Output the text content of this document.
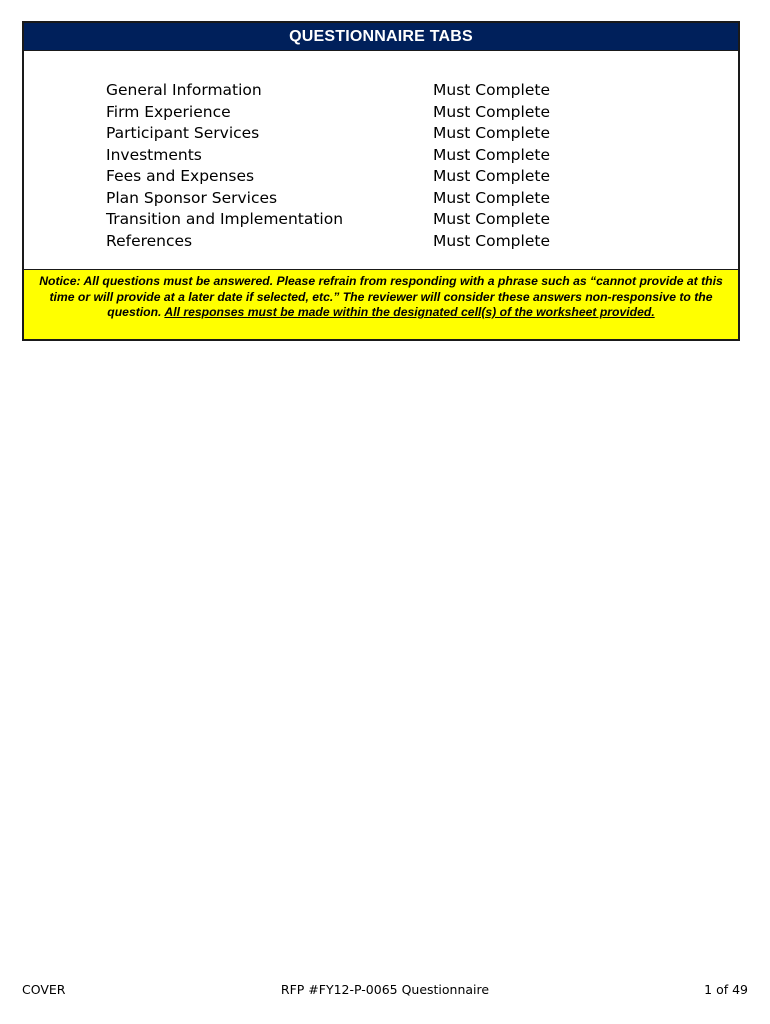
QUESTIONNAIRE TABS
General Information	Must Complete
Firm Experience	Must Complete
Participant Services	Must Complete
Investments	Must Complete
Fees and Expenses	Must Complete
Plan Sponsor Services	Must Complete
Transition and Implementation	Must Complete
References	Must Complete
Notice: All questions must be answered. Please refrain from responding with a phrase such as “cannot provide at this time or will provide at a later date if selected, etc.” The reviewer will consider these answers non-responsive to the question. All responses must be made within the designated cell(s) of the worksheet provided.
COVER	RFP #FY12-P-0065 Questionnaire	1 of 49
